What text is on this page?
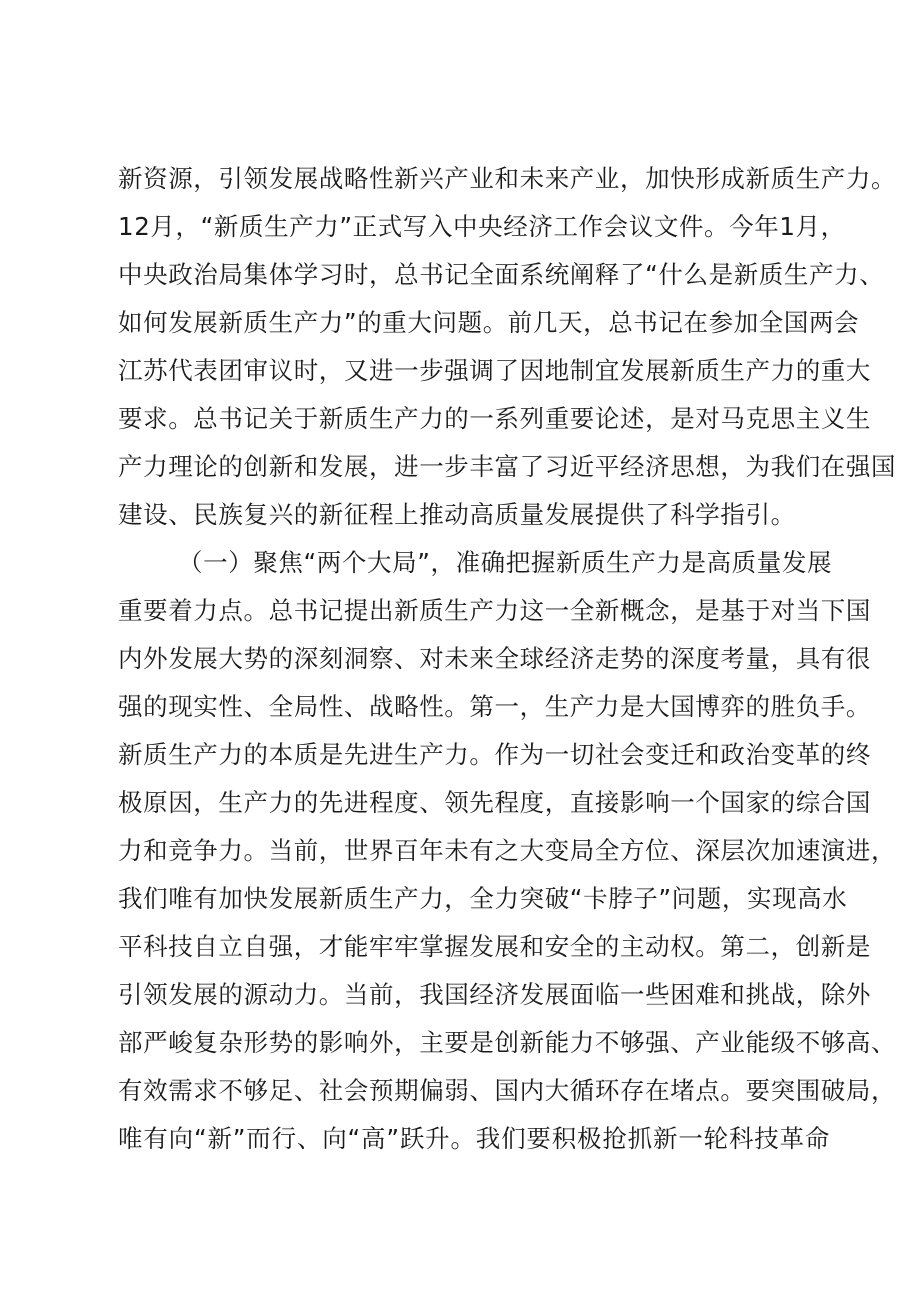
新资源，引领发展战略性新兴产业和未来产业，加快形成新质生产力。
12月，“新质生产力”正式写入中央经济工作会议文件。今年1月，
中央政治局集体学习时，总书记全面系统阐释了“什么是新质生产力、
如何发展新质生产力”的重大问题。前几天，总书记在参加全国两会
江苏代表团审议时，又进一步强调了因地制宜发展新质生产力的重大
要求。总书记关于新质生产力的一系列重要论述，是对马克思主义生
产力理论的创新和发展，进一步丰富了习近平经济思想，为我们在强国
建设、民族复兴的新征程上推动高质量发展提供了科学指引。
（一）聚焦“两个大局”，准确把握新质生产力是高质量发展
重要着力点。总书记提出新质生产力这一全新概念，是基于对当下国
内外发展大势的深刻洞察、对未来全球经济走势的深度考量，具有很
强的现实性、全局性、战略性。第一，生产力是大国博弈的胜负手。
新质生产力的本质是先进生产力。作为一切社会变迁和政治变革的终
极原因，生产力的先进程度、领先程度，直接影响一个国家的综合国
力和竞争力。当前，世界百年未有之大变局全方位、深层次加速演进，
我们唯有加快发展新质生产力，全力突破“卡脖子”问题，实现高水
平科技自立自强，才能牢牢掌握发展和安全的主动权。第二，创新是
引领发展的源动力。当前，我国经济发展面临一些困难和挑战，除外
部严峻复杂形势的影响外，主要是创新能力不够强、产业能级不够高、
有效需求不够足、社会预期偏弱、国内大循环存在堵点。要突围破局，
唯有向“新”而行、向“高”跃升。我们要积极抢抓新一轮科技革命
